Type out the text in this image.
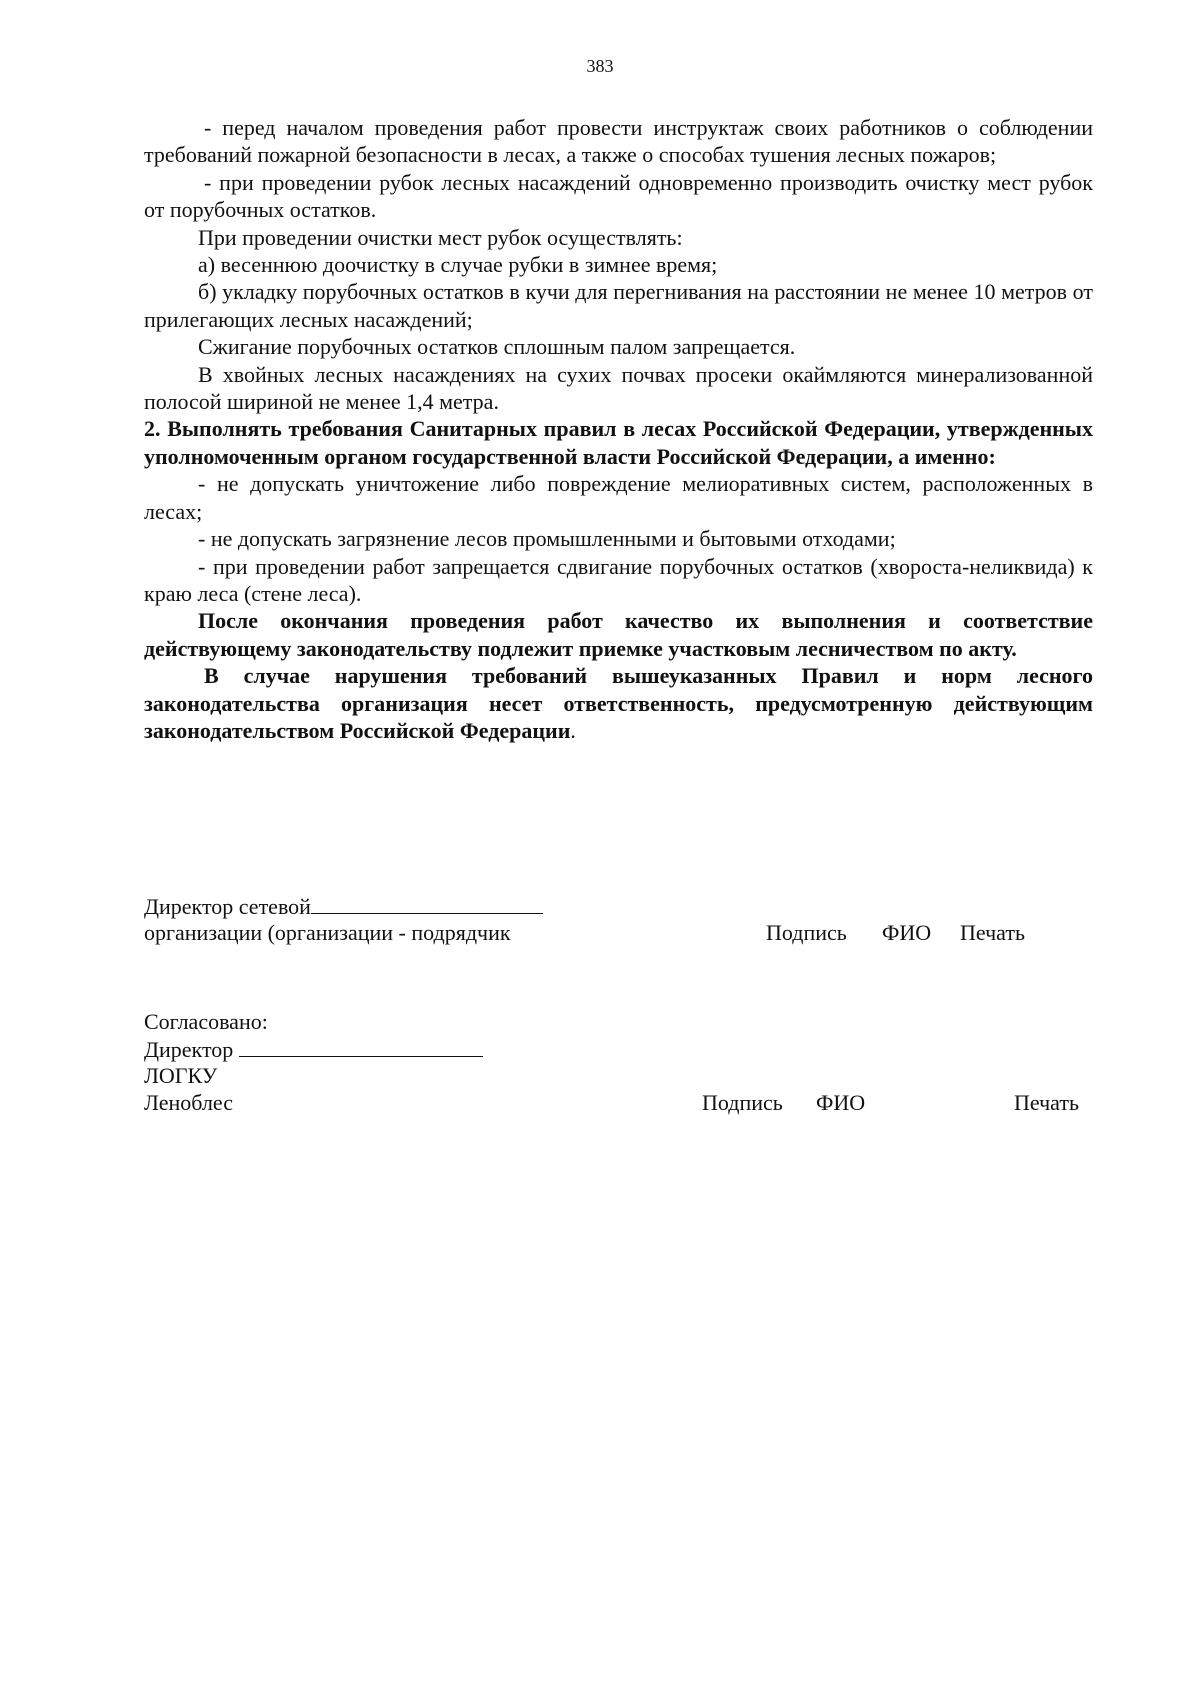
383

- перед началом проведения работ провести инструктаж своих работников о соблюдении требований пожарной безопасности в лесах, а также о способах тушения лесных пожаров;

- при проведении рубок лесных насаждений одновременно производить очистку мест рубок от порубочных остатков.

При проведении очистки мест рубок осуществлять:

а) весеннюю доочистку в случае рубки в зимнее время;

б) укладку порубочных остатков в кучи для перегнивания на расстоянии не менее 10 метров от прилегающих лесных насаждений;

Сжигание порубочных остатков сплошным палом запрещается.

В хвойных лесных насаждениях на сухих почвах просеки окаймляются минерализованной полосой шириной не менее 1,4 метра.

2. Выполнять требования Санитарных правил в лесах Российской Федерации, утвержденных уполномоченным органом государственной власти Российской Федерации, а именно:

- не допускать уничтожение либо повреждение мелиоративных систем, расположенных в лесах;

- не допускать загрязнение лесов промышленными и бытовыми отходами;

- при проведении работ запрещается сдвигание порубочных остатков (хвороста-неликвида) к краю леса (стене леса).

После окончания проведения работ качество их выполнения и соответствие действующему законодательству подлежит приемке участковым лесничеством по акту.

В случае нарушения требований вышеуказанных Правил и норм лесного законодательства организация несет ответственность, предусмотренную действующим законодательством Российской Федерации.

Директор сетевой
организации (организации - подрядчик	Подпись ФИО Печать
Согласовано:
Директор
ЛОГКУ
Леноблес	Подпись ФИО	Печать
